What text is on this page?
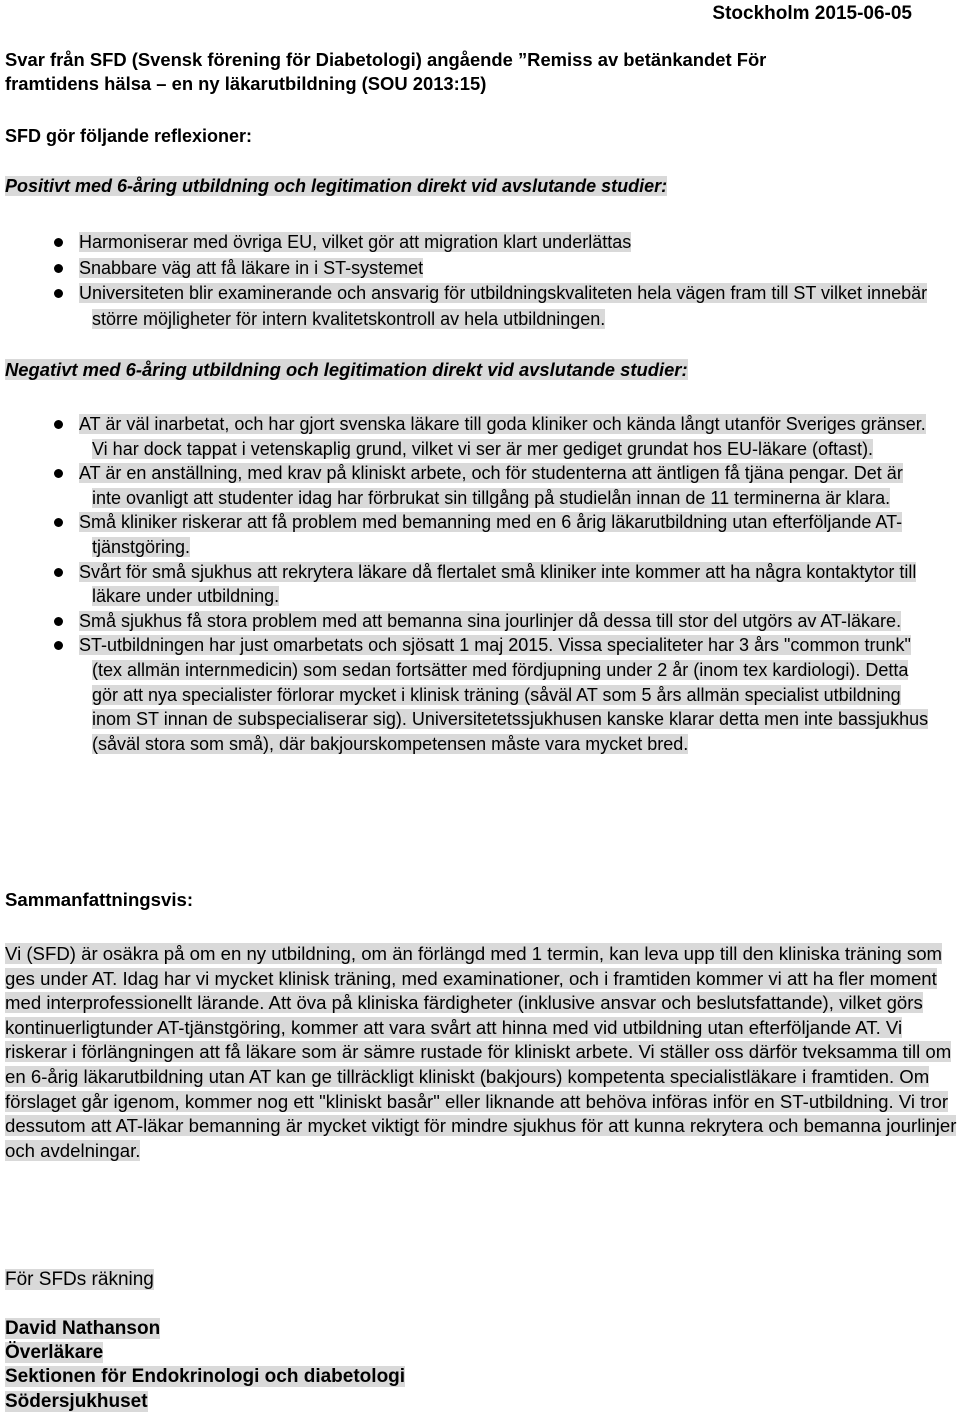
Stockholm 2015-06-05
Svar från SFD (Svensk förening för Diabetologi) angående ”Remiss av betänkandet För
framtidens hälsa – en ny läkarutbildning (SOU 2013:15)
SFD gör följande reflexioner:
Positivt med 6-åring utbildning och legitimation direkt vid avslutande studier:
Harmoniserar med övriga EU, vilket gör att migration klart underlättas
Snabbare väg att få läkare in i ST-systemet
Universiteten blir examinerande och ansvarig för utbildningskvaliteten hela vägen fram till ST vilket innebär större möjligheter för intern kvalitetskontroll av hela utbildningen.
Negativt med 6-åring utbildning och legitimation direkt vid avslutande studier:
AT är väl inarbetat, och har gjort svenska läkare till goda kliniker och kända långt utanför Sveriges gränser. Vi har dock tappat i vetenskaplig grund, vilket vi ser är mer gediget grundat hos EU-läkare (oftast).
AT är en anställning, med krav på kliniskt arbete, och för studenterna att äntligen få tjäna pengar. Det är inte ovanligt att studenter idag har förbrukat sin tillgång på studielån innan de 11 terminerna är klara.
Små kliniker riskerar att få problem med bemanning med en 6 årig läkarutbildning utan efterföljande AT-tjänstgöring.
Svårt för små sjukhus att rekrytera läkare då flertalet små kliniker inte kommer att ha några kontaktytor till läkare under utbildning.
Små sjukhus få stora problem med att bemanna sina jourlinjer då dessa till stor del utgörs av AT-läkare.
ST-utbildningen har just omarbetats och sjösatt 1 maj 2015. Vissa specialiteter har 3 års "common trunk" (tex allmän internmedicin) som sedan fortsätter med fördjupning under 2 år (inom tex kardiologi). Detta gör att nya specialister förlorar mycket i klinisk träning (såväl AT som 5 års allmän specialist utbildning inom ST innan de subspecialiserar sig). Universitetetssjukhusen kanske klarar detta men inte bassjukhus (såväl stora som små), där bakjourskompetensen måste vara mycket bred.
Sammanfattningsvis:
Vi (SFD) är osäkra på om en ny utbildning, om än förlängd med 1 termin, kan leva upp till den kliniska träning som ges under AT. Idag har vi mycket klinisk träning, med examinationer, och i framtiden kommer vi att ha fler moment med interprofessionellt lärande. Att öva på kliniska färdigheter (inklusive ansvar och beslutsfattande), vilket görs kontinuerligtunder AT-tjänstgöring, kommer att vara svårt att hinna med vid utbildning utan efterföljande AT. Vi riskerar i förlängningen att få läkare som är sämre rustade för kliniskt arbete. Vi ställer oss därför tveksamma till om en 6-årig läkarutbildning utan AT kan ge tillräckligt kliniskt (bakjours) kompetenta specialistläkare i framtiden. Om förslaget går igenom, kommer nog ett "kliniskt basår" eller liknande att behöva införas inför en ST-utbildning. Vi tror dessutom att AT-läkar bemanning är mycket viktigt för mindre sjukhus för att kunna rekrytera och bemanna jourlinjer och avdelningar.
För SFDs räkning
David Nathanson
Överläkare
Sektionen för Endokrinologi och diabetologi
Södersjukhuset
